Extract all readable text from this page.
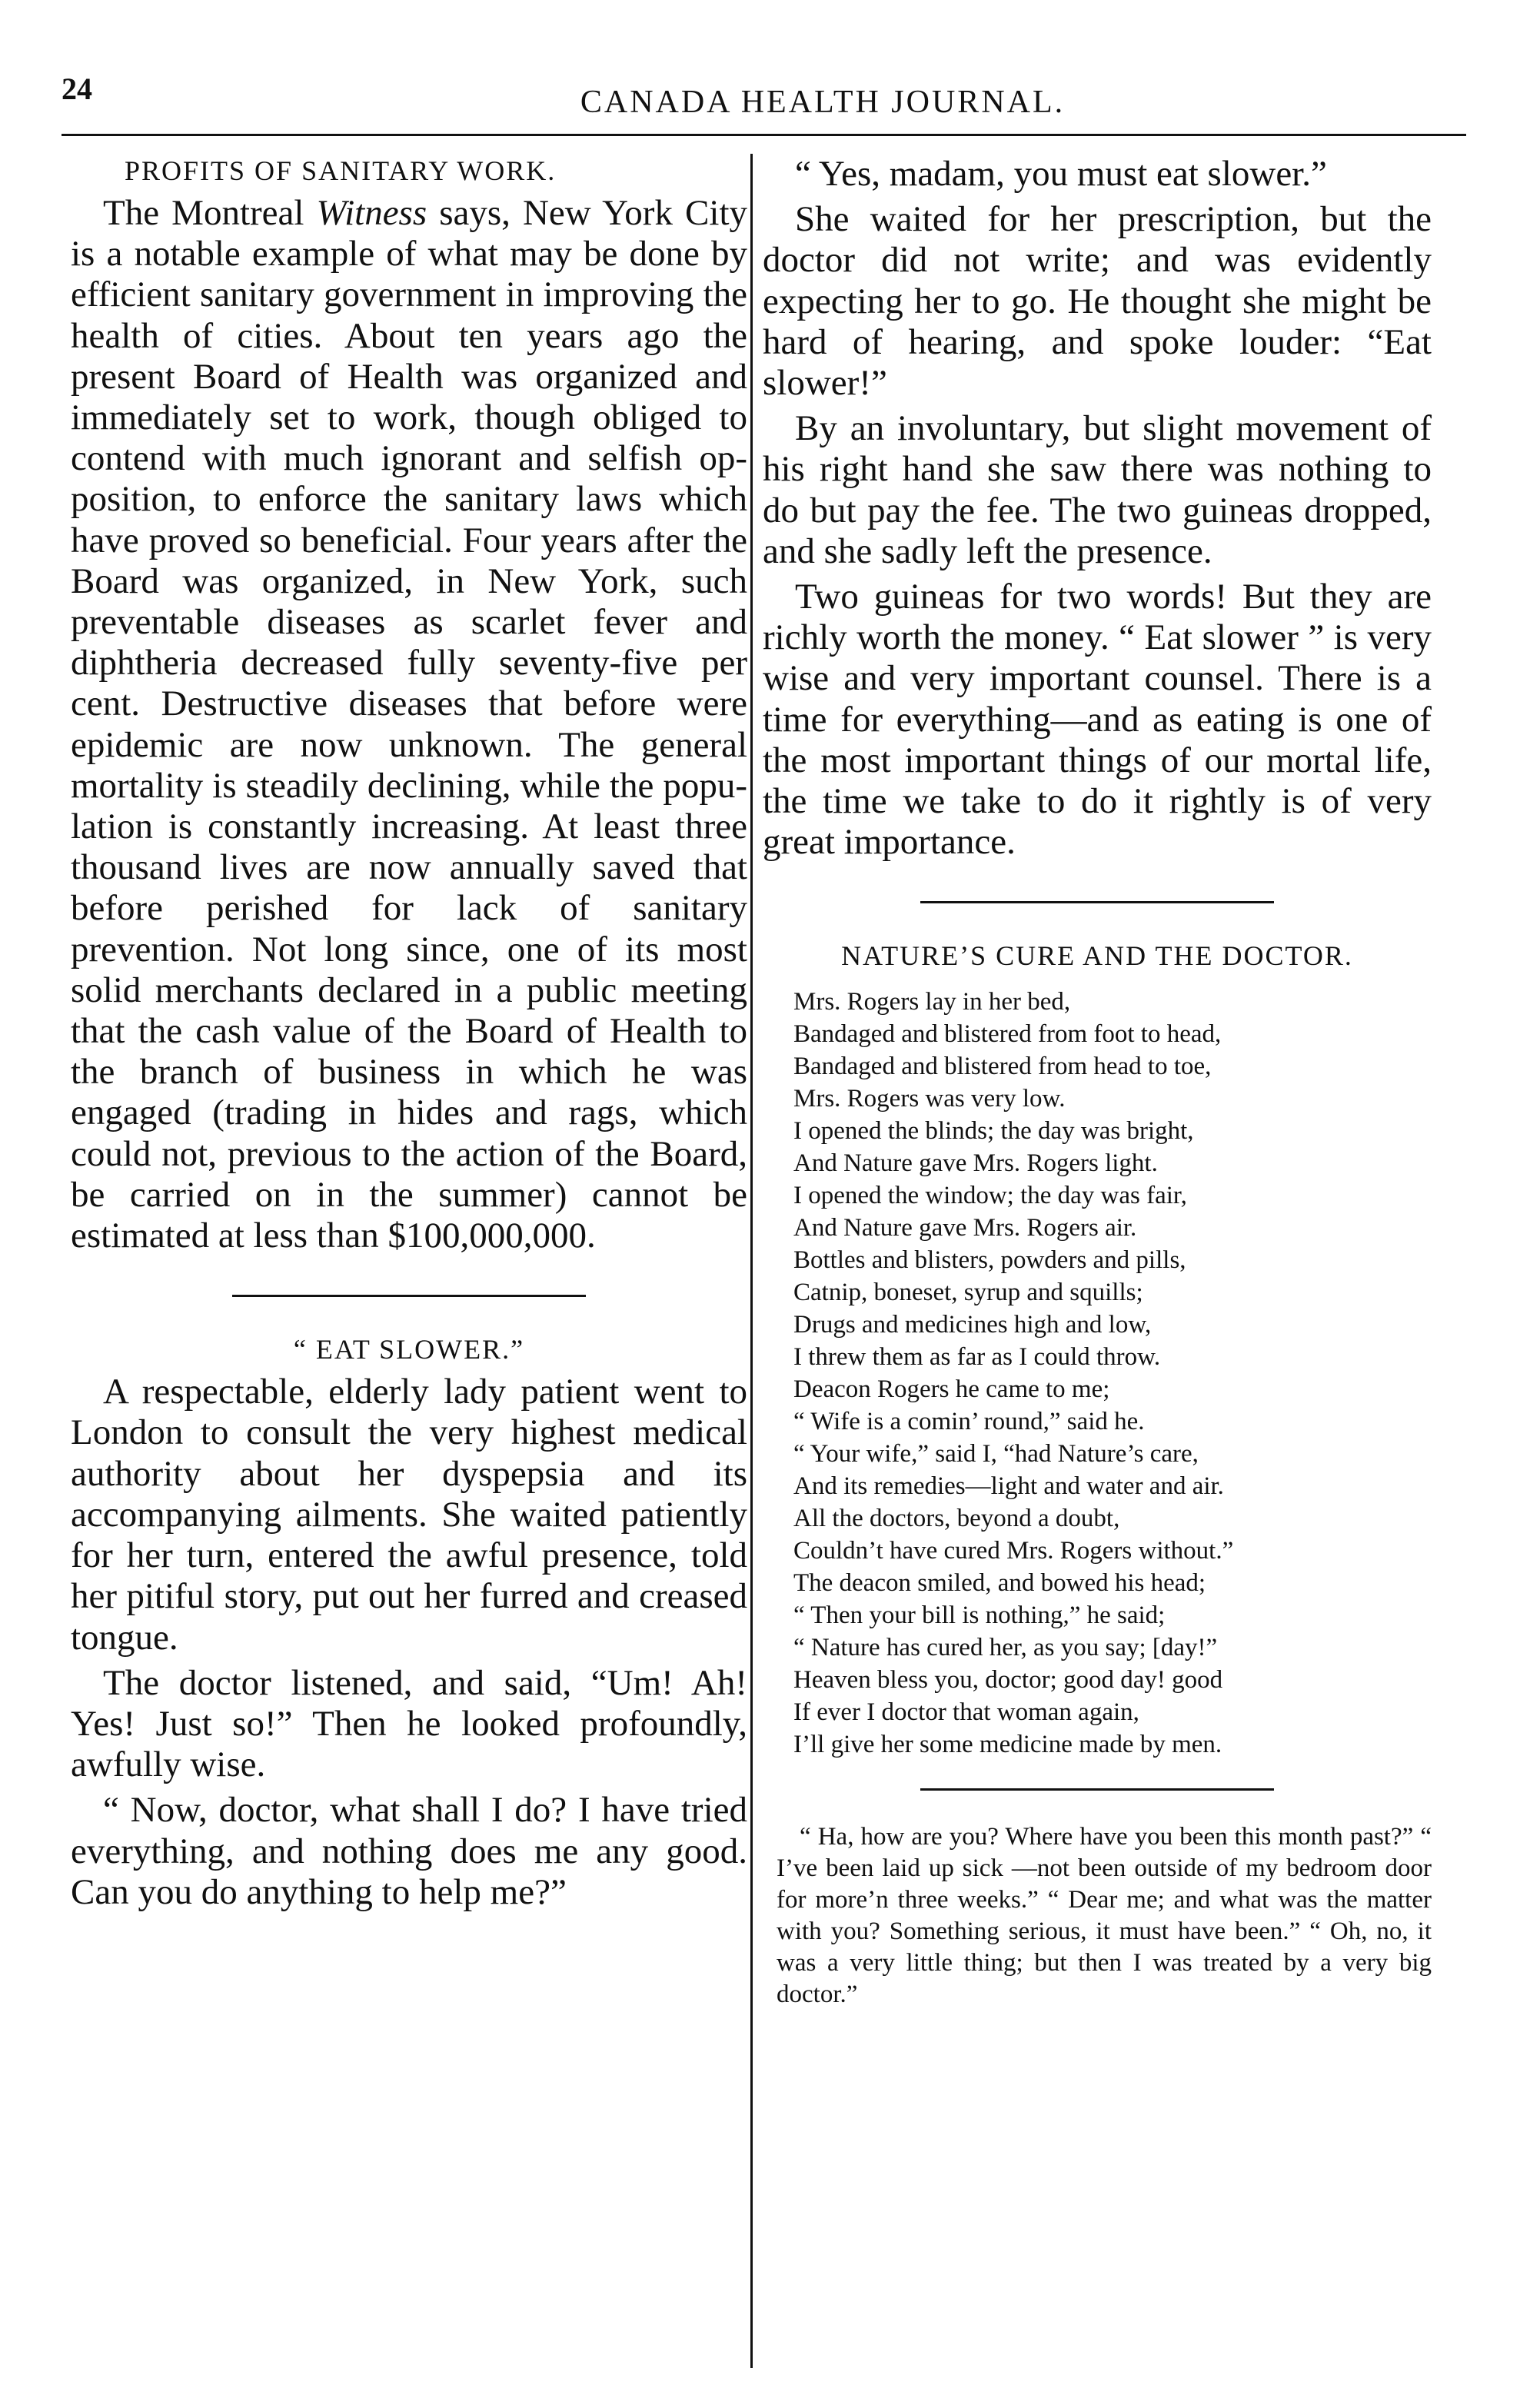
24	CANADA HEALTH JOURNAL.
PROFITS OF SANITARY WORK.

The Montreal Witness says, New York City is a notable example of what may be done by efficient sanitary government in improving the health of cities. About ten years ago the present Board of Health was organized and immediately set to work, though obliged to contend with much ignorant and selfish opposition, to enforce the sanitary laws which have proved so beneficial. Four years after the Board was organized, in New York, such preventable diseases as scarlet fever and diphtheria decreased fully seventy-five per cent. Destructive diseases that before were epidemic are now unknown. The general mortality is steadily declining, while the population is constantly increasing. At least three thousand lives are now annually saved that before perished for lack of sanitary prevention. Not long since, one of its most solid merchants declared in a public meeting that the cash value of the Board of Health to the branch of business in which he was engaged (trading in hides and rags, which could not, previous to the action of the Board, be carried on in the summer) cannot be estimated at less than $100,000,000.

“ EAT SLOWER.”

A respectable, elderly lady patient went to London to consult the very highest medical authority about her dyspepsia and its accompanying ailments. She waited patiently for her turn, entered the awful presence, told her pitiful story, put out her furred and creased tongue.

The doctor listened, and said, “Um! Ah! Yes! Just so!” Then he looked profoundly, awfully wise.

“ Now, doctor, what shall I do? I have tried everything, and nothing does me any good. Can you do anything to help me?”

“ Yes, madam, you must eat slower.”

She waited for her prescription, but the doctor did not write; and was evidently expecting her to go. He thought she might be hard of hearing, and spoke louder: “Eat slower!”

By an involuntary, but slight movement of his right hand she saw there was nothing to do but pay the fee. The two guineas dropped, and she sadly left the presence.

Two guineas for two words! But they are richly worth the money. “ Eat slower ” is very wise and very important counsel. There is a time for everything—and as eating is one of the most important things of our mortal life, the time we take to do it rightly is of very great importance.

NATURE’S CURE AND THE DOCTOR.
Mrs. Rogers lay in her bed,
Bandaged and blistered from foot to head,
Bandaged and blistered from head to toe,
Mrs. Rogers was very low.
I opened the blinds; the day was bright,
And Nature gave Mrs. Rogers light.
I opened the window; the day was fair,
And Nature gave Mrs. Rogers air.
Bottles and blisters, powders and pills,
Catnip, boneset, syrup and squills;
Drugs and medicines high and low,
I threw them as far as I could throw.
Deacon Rogers he came to me;
“ Wife is a comin’ round,” said he.
“ Your wife,” said I, “had Nature’s care,
And its remedies—light and water and air.
All the doctors, beyond a doubt,
Couldn’t have cured Mrs. Rogers without.”
The deacon smiled, and bowed his head;
“ Then your bill is nothing,” he said;
“ Nature has cured her, as you say; [day!”
Heaven bless you, doctor; good day! good
If ever I doctor that woman again,
I’ll give her some medicine made by men.

“ Ha, how are you? Where have you been this month past?” “ I’ve been laid up sick —not been outside of my bedroom door for more’n three weeks.” “ Dear me; and what was the matter with you? Something serious, it must have been.” “ Oh, no, it was a very little thing; but then I was treated by a very big doctor.”
